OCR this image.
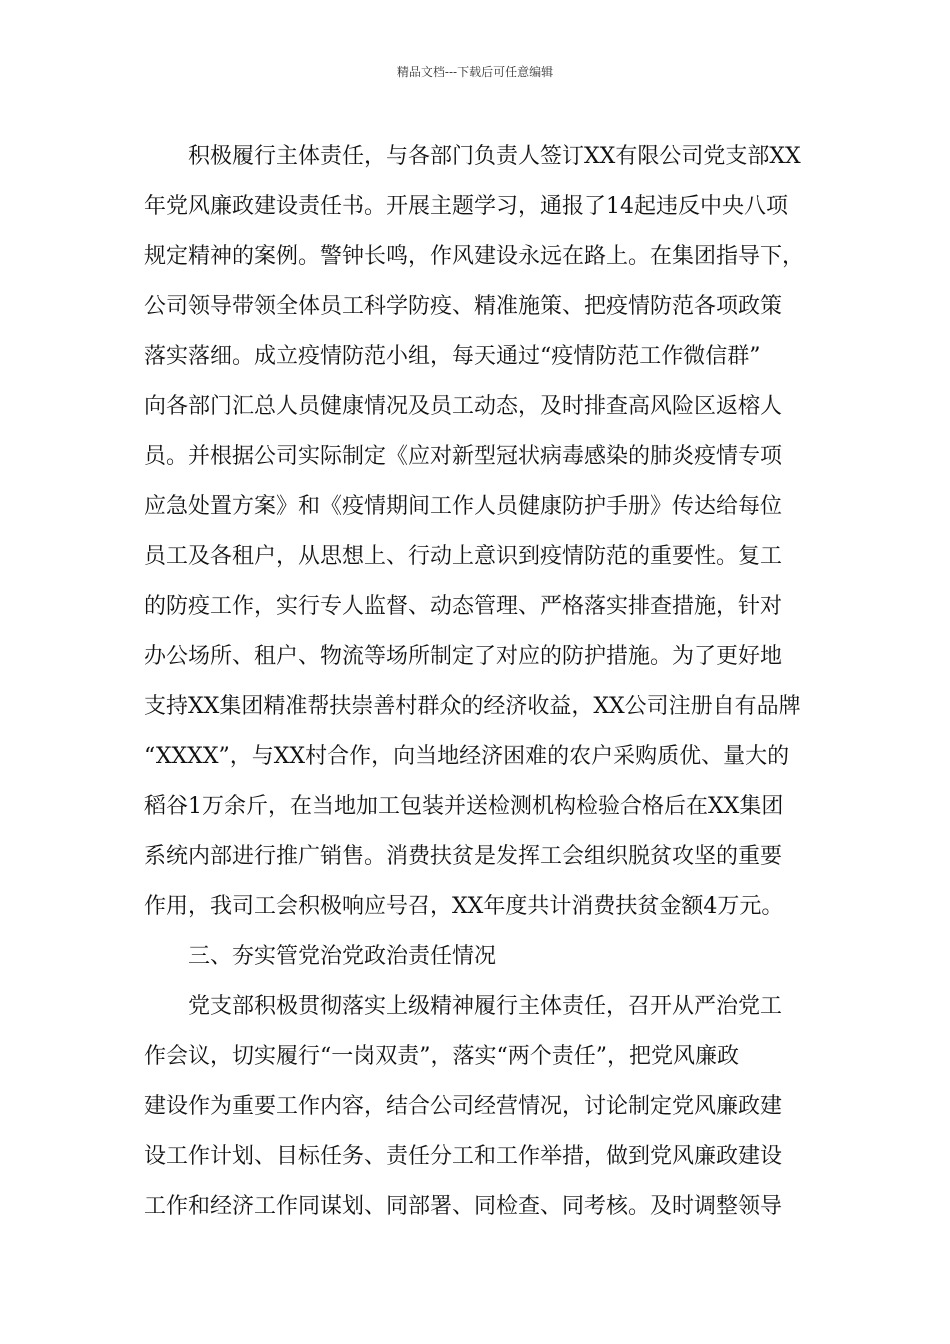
精品文档---下载后可任意编辑
积极履行主体责任，与各部门负责人签订XX有限公司党支部XX
年党风廉政建设责任书。开展主题学习，通报了14起违反中央八项
规定精神的案例。警钟长鸣，作风建设永远在路上。在集团指导下，
公司领导带领全体员工科学防疫、精准施策、把疫情防范各项政策
落实落细。成立疫情防范小组，每天通过“疫情防范工作微信群”
向各部门汇总人员健康情况及员工动态，及时排查高风险区返榕人
员。并根据公司实际制定《应对新型冠状病毒感染的肺炎疫情专项
应急处置方案》和《疫情期间工作人员健康防护手册》传达给每位
员工及各租户，从思想上、行动上意识到疫情防范的重要性。复工
的防疫工作，实行专人监督、动态管理、严格落实排查措施，针对
办公场所、租户、物流等场所制定了对应的防护措施。为了更好地
支持XX集团精准帮扶崇善村群众的经济收益，XX公司注册自有品牌
“XXXX”，与XX村合作，向当地经济困难的农户采购质优、量大的
稻谷1万余斤，在当地加工包装并送检测机构检验合格后在XX集团
系统内部进行推广销售。消费扶贫是发挥工会组织脱贫攻坚的重要
作用，我司工会积极响应号召，XX年度共计消费扶贫金额4万元。
三、夯实管党治党政治责任情况
党支部积极贯彻落实上级精神履行主体责任，召开从严治党工
作会议，切实履行“一岗双责”，落实“两个责任”，把党风廉政
建设作为重要工作内容，结合公司经营情况，讨论制定党风廉政建
设工作计划、目标任务、责任分工和工作举措，做到党风廉政建设
工作和经济工作同谋划、同部署、同检查、同考核。及时调整领导
